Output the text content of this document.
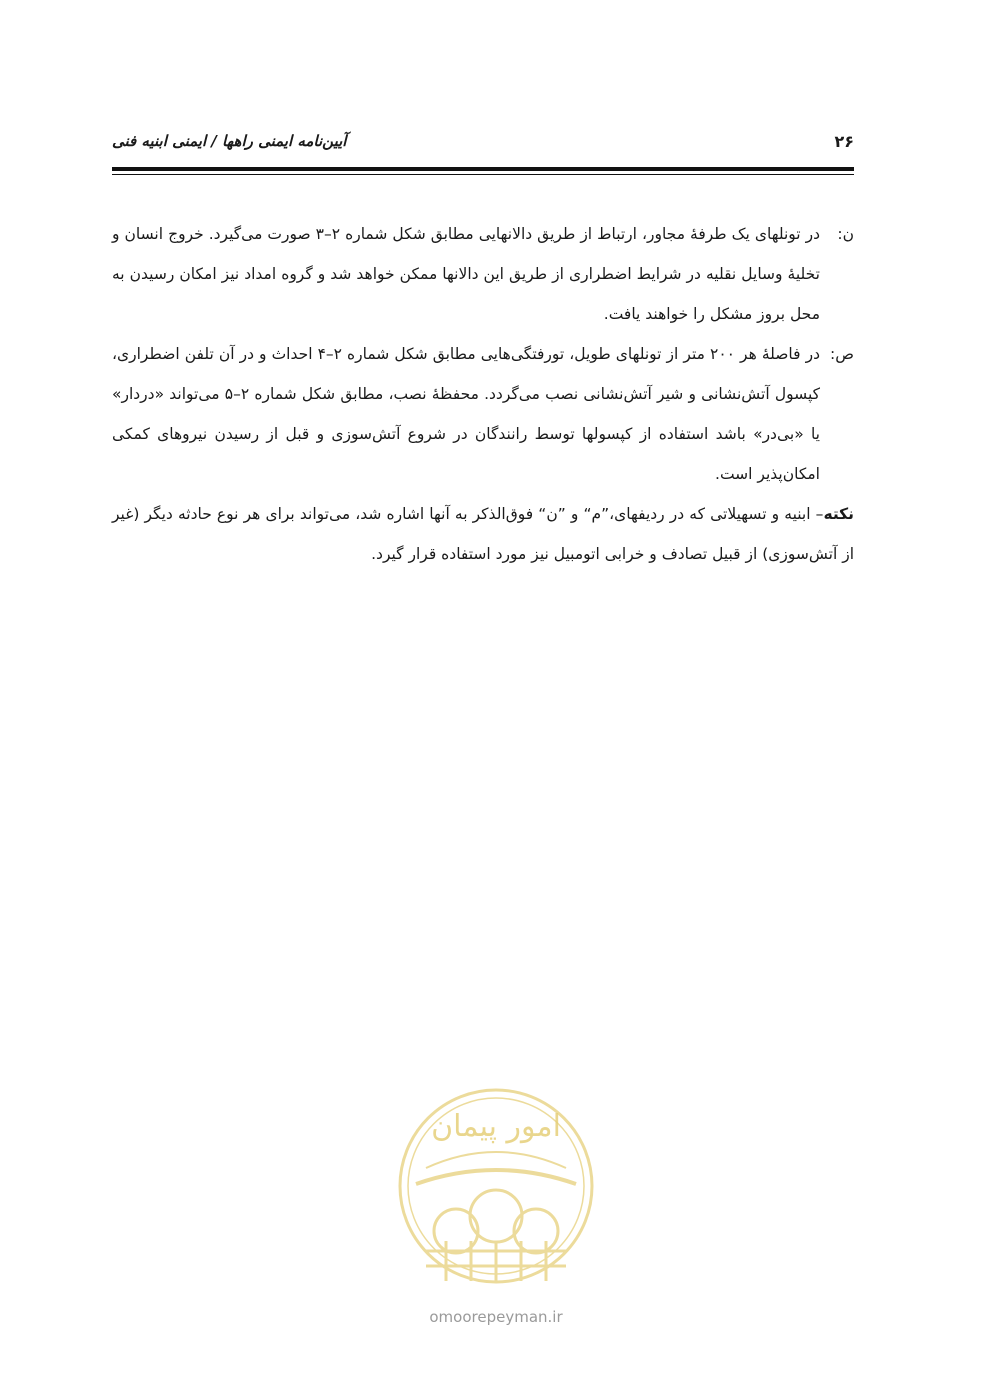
۲۶
آیین‌نامه ایمنی راهها / ایمنی ابنیه فنی
ن:
در تونلهای یک طرفهٔ مجاور، ارتباط از طریق دالانهایی مطابق شکل شماره ۲–۳ صورت می‌گیرد. خروج انسان و تخلیهٔ وسایل نقلیه در شرایط اضطراری از طریق این دالانها ممکن خواهد شد و گروه امداد نیز امکان رسیدن به محل بروز مشکل را خواهند یافت.
ص:
در فاصلهٔ هر ۲۰۰ متر از تونلهای طویل، تورفتگی‌هایی مطابق شکل شماره ۲–۴ احداث و در آن تلفن اضطراری، کپسول آتش‌نشانی و شیر آتش‌نشانی نصب می‌گردد. محفظهٔ نصب، مطابق شکل شماره ۲–۵ می‌تواند «دردار» یا «بی‌در» باشد استفاده از کپسولها توسط رانندگان در شروع آتش‌سوزی و قبل از رسیدن نیروهای کمکی امکان‌پذیر است.
نکته– ابنیه و تسهیلاتی که در ردیفهای،”م“ و ”ن“ فوق‌الذکر به آنها اشاره شد، می‌تواند برای هر نوع حادثه دیگر (غیر از آتش‌سوزی) از قبیل تصادف و خرابی اتومبیل نیز مورد استفاده قرار گیرد.
امور پیمان
omoorepeyman.ir
